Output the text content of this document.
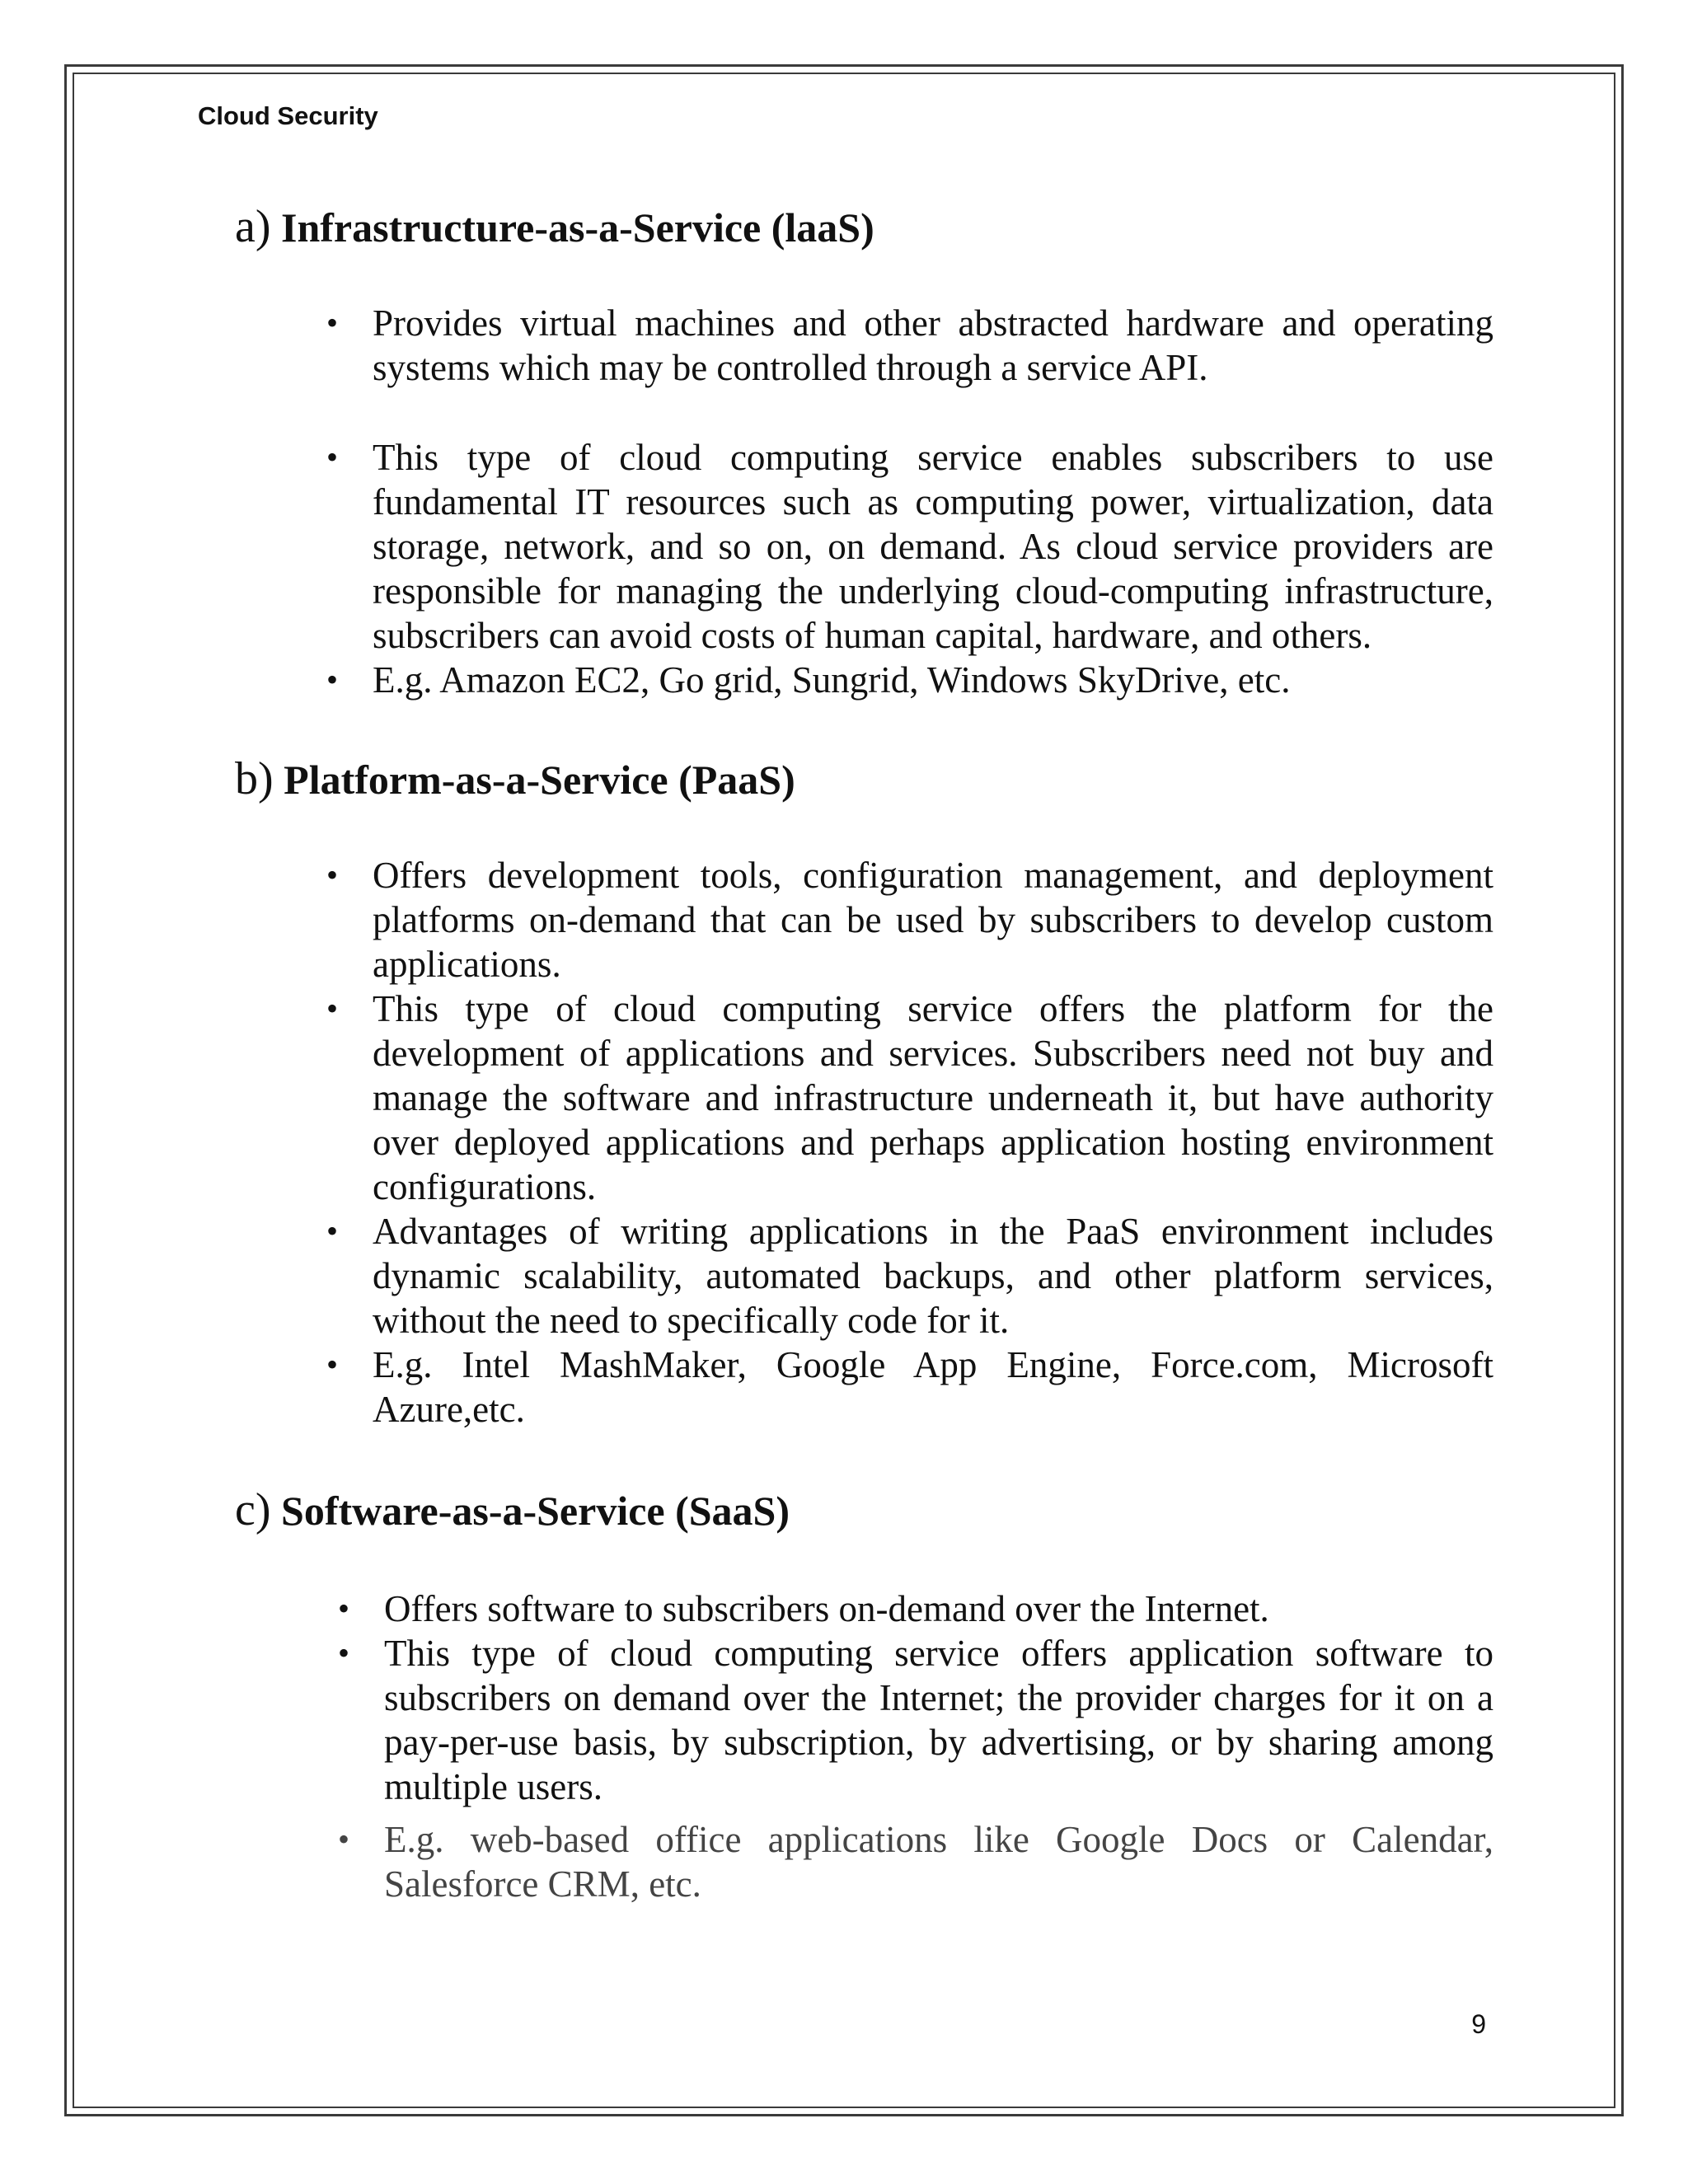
Cloud Security
a) Infrastructure-as-a-Service (laaS)
• Provides virtual machines and other abstracted hardware and operating systems which may be controlled through a service API.
• This type of cloud computing service enables subscribers to use fundamental IT resources such as computing power, virtualization, data storage, network, and so on, on demand. As cloud service providers are responsible for managing the underlying cloud-computing infrastructure, subscribers can avoid costs of human capital, hardware, and others.
• E.g. Amazon EC2, Go grid, Sungrid, Windows SkyDrive, etc.
b) Platform-as-a-Service (PaaS)
• Offers development tools, configuration management, and deployment platforms on-demand that can be used by subscribers to develop custom applications.
• This type of cloud computing service offers the platform for the development of applications and services. Subscribers need not buy and manage the software and infrastructure underneath it, but have authority over deployed applications and perhaps application hosting environment configurations.
• Advantages of writing applications in the PaaS environment includes dynamic scalability, automated backups, and other platform services, without the need to specifically code for it.
• E.g. Intel MashMaker, Google App Engine, Force.com, Microsoft Azure,etc.
c) Software-as-a-Service (SaaS)
• Offers software to subscribers on-demand over the Internet.
• This type of cloud computing service offers application software to subscribers on demand over the Internet; the provider charges for it on a pay-per-use basis, by subscription, by advertising, or by sharing among multiple users.
• E.g. web-based office applications like Google Docs or Calendar, Salesforce CRM, etc.
9
